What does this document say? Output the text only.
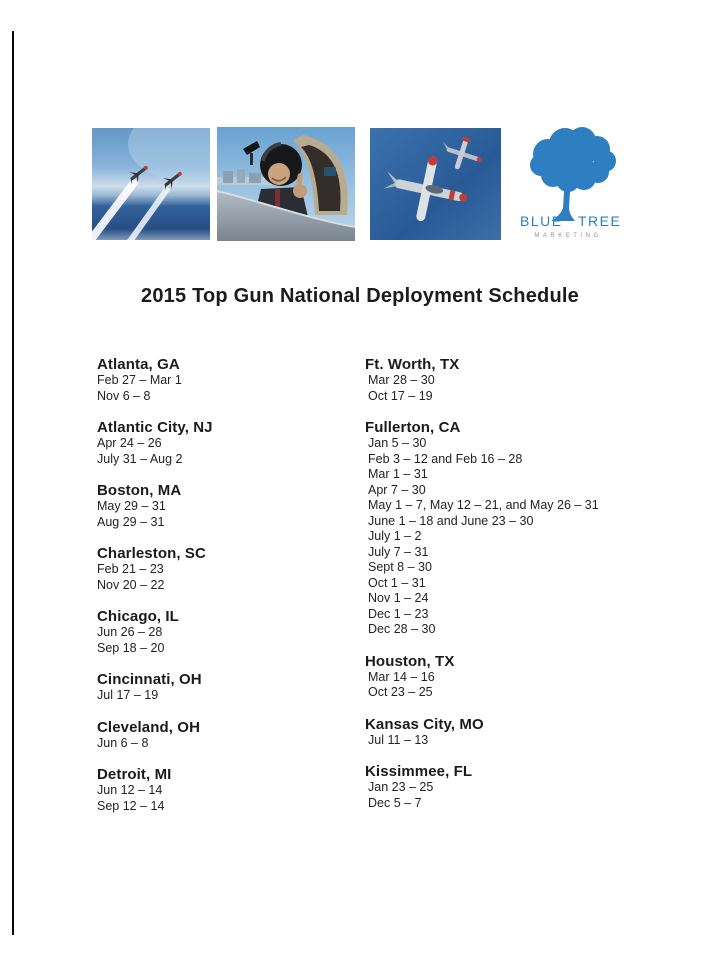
BLUE TREE
MARKETING
2015 Top Gun National Deployment Schedule
Atlanta, GA
Feb 27 – Mar 1
Nov 6 – 8
Atlantic City, NJ
Apr 24 – 26
July 31 – Aug 2
Boston, MA
May 29 – 31
Aug 29 – 31
Charleston, SC
Feb 21 – 23
Nov 20 – 22
Chicago, IL
Jun 26 – 28
Sep 18 – 20
Cincinnati, OH
Jul 17 – 19
Cleveland, OH
Jun 6 – 8
Detroit, MI
Jun 12 – 14
Sep 12 – 14
Ft. Worth, TX
Mar 28 – 30
Oct 17 – 19
Fullerton, CA
Jan 5 – 30
Feb 3 – 12 and Feb 16 – 28
Mar 1 – 31
Apr 7 – 30
May 1 – 7, May 12 – 21, and May 26 – 31
June 1 – 18 and June 23 – 30
July 1 – 2
July 7 – 31
Sept 8 – 30
Oct 1 – 31
Nov 1 – 24
Dec 1 – 23
Dec 28 – 30
Houston, TX
Mar 14 – 16
Oct 23 – 25
Kansas City, MO
Jul 11 – 13
Kissimmee, FL
Jan 23 – 25
Dec 5 – 7
